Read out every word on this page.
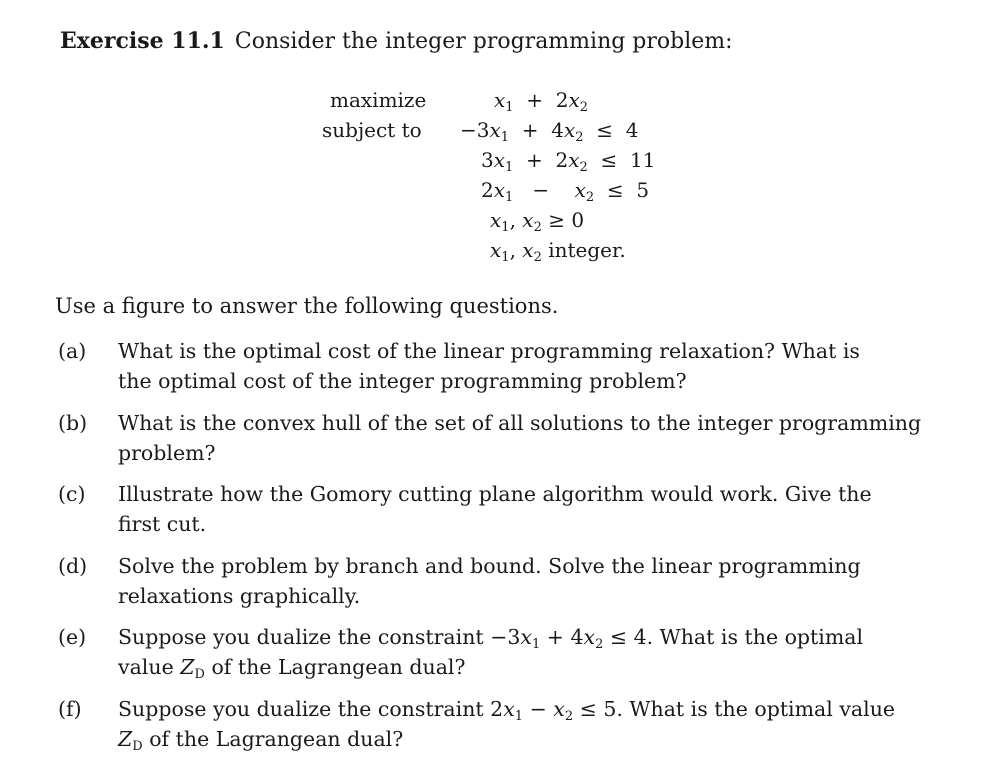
Exercise 11.1 Consider the integer programming problem:
maximize	$x_1 + 2x_2$
subject to $-3x_1 + 4x_2 \le 4$
$3x_1 + 2x_2 \le 11$
$2x_1$   −    $x_2 \le 5$
$x_1$, $x_2 \ge 0$
$x_1$, $x_2$ integer.
Use a figure to answer the following questions.
(a) What is the optimal cost of the linear programming relaxation? What is
the optimal cost of the integer programming problem?
(b) What is the convex hull of the set of all solutions to the integer programming
problem?
(c) Illustrate how the Gomory cutting plane algorithm would work. Give the
first cut.
(d) Solve the problem by branch and bound. Solve the linear programming
relaxations graphically.
(e) Suppose you dualize the constraint $-3x_1 + 4x_2 \le 4$. What is the optimal
value ZD of the Lagrangean dual?
(f) Suppose you dualize the constraint $2x_1 - x_2 \le 5$. What is the optimal value
ZD of the Lagrangean dual?
